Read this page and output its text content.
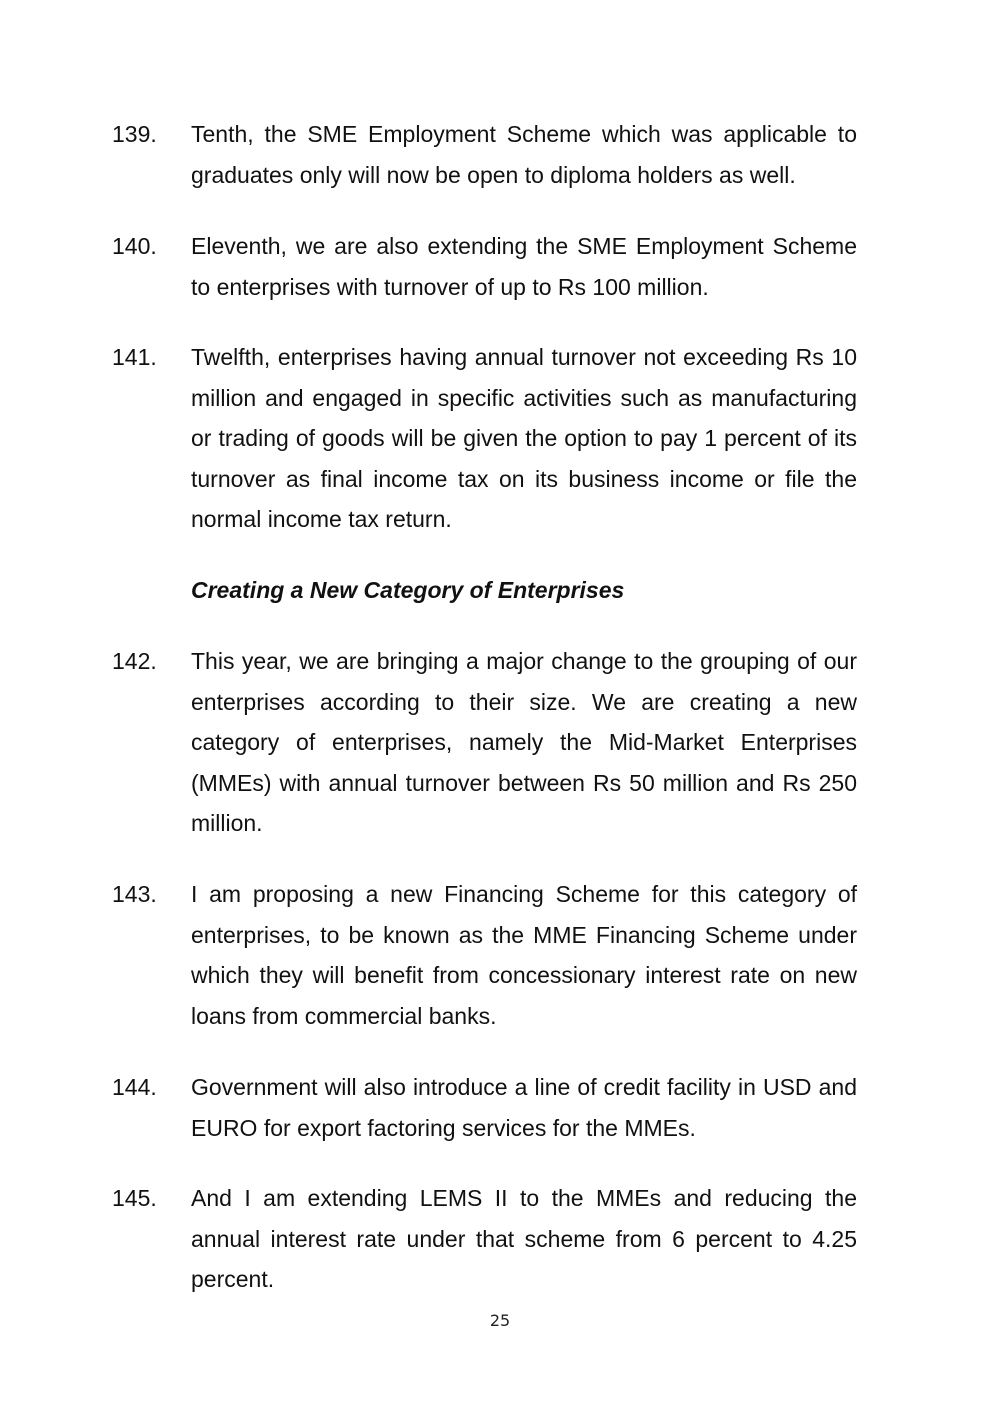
139. Tenth, the SME Employment Scheme which was applicable to graduates only will now be open to diploma holders as well.

140. Eleventh, we are also extending the SME Employment Scheme to enterprises with turnover of up to Rs 100 million.

141. Twelfth, enterprises having annual turnover not exceeding Rs 10 million and engaged in specific activities such as manufacturing or trading of goods will be given the option to pay 1 percent of its turnover as final income tax on its business income or file the normal income tax return.

Creating a New Category of Enterprises
142. This year, we are bringing a major change to the grouping of our enterprises according to their size. We are creating a new category of enterprises, namely the Mid-Market Enterprises (MMEs) with annual turnover between Rs 50 million and Rs 250 million.

143. I am proposing a new Financing Scheme for this category of enterprises, to be known as the MME Financing Scheme under which they will benefit from concessionary interest rate on new loans from commercial banks.

144. Government will also introduce a line of credit facility in USD and EURO for export factoring services for the MMEs.

145. And I am extending LEMS II to the MMEs and reducing the annual interest rate under that scheme from 6 percent to 4.25 percent.

25
